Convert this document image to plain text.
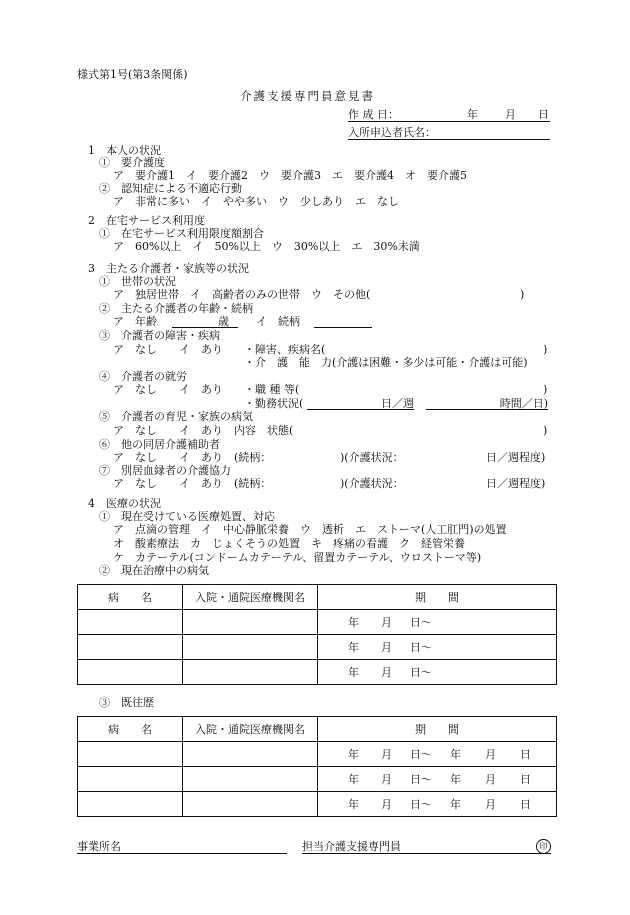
様式第1号(第3条関係)
介護支援専門員意見書
作 成 日：	年 月 日
入所申込者氏名：
1　本人の状況
①　要介護度
ア　要介護1　イ　要介護2　ウ　要介護3　エ　要介護4　オ　要介護5
②　認知症による不適応行動
ア　非常に多い　イ　やや多い　ウ　少しあり　エ　なし
2　在宅サービス利用度
①　在宅サービス利用限度額割合
ア　60%以上　イ　50%以上　ウ　30%以上　エ　30%未満
3　主たる介護者・家族等の状況
①　世帯の状況
ア　独居世帯　イ　高齢者のみの世帯　ウ　その他(	)
②　主たる介護者の年齢・続柄
ア　年齢	歳 イ　続柄
③　介護者の障害・疾病
ア　なし　　イ　あり ・障害、疾病名(	)
・介　護　能　力(介護は困難・多少は可能・介護は可能)
④　介護者の就労
ア　なし　　イ　あり ・職 種 等(	)
・勤務状況(	日／週	時間／日)
⑤　介護者の育児・家族の病気
ア　なし　　イ　あり　内容　状態(	)
⑥　他の同居介護補助者
ア　なし　　イ　あり　(続柄：	)(介護状況：	日／週程度)
⑦　別居血縁者の介護協力
ア　なし　　イ　あり　(続柄：	)(介護状況：	日／週程度)
4　医療の状況
①　現在受けている医療処置、対応
ア　点滴の管理　イ　中心静脈栄養　ウ　透析　エ　ストーマ(人工肛門)の処置
オ　酸素療法　カ　じょくそうの処置　キ　疼痛の看護　ク　経管栄養
ケ　カテーテル(コンドームカテーテル、留置カテーテル、ウロストーマ等)
②　現在治療中の病気
病　　名	入院・通院医療機関名	期　　間
		年 月 日〜
		年 月 日〜
		年 月 日〜
③　既往歴
病　　名	入院・通院医療機関名	期　　間
		年 月 日〜 年 月 日
		年 月 日〜 年 月 日
		年 月 日〜 年 月 日
事業所名	担当介護支援専門員	印
